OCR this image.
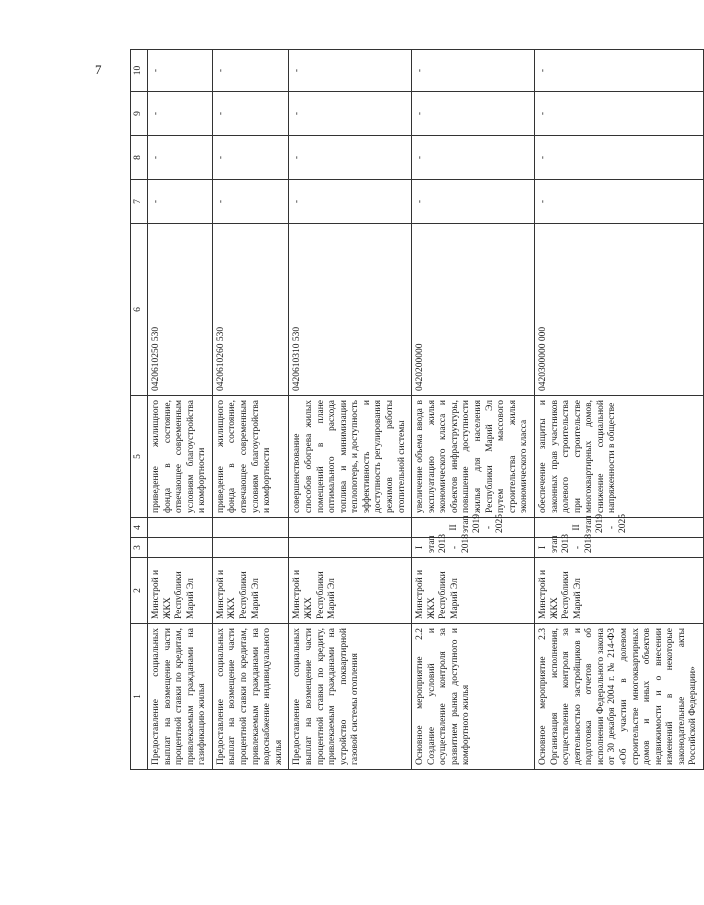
7
1	2	3	4	5	6	7	8	9	10
Предоставление социальных выплат на возмещение части процентной ставки по кредитам, привлекаемым гражданами на газификацию жилья	Минстрой и ЖКХ Республики Марий Эл			приведение жилищного фонда в состояние, отвечающее современным условиям благоустройства и комфортности	0420610250 530	-	-	-	-
Предоставление социальных выплат на возмещение части процентной ставки по кредитам, привлекаемым гражданами на водоснабжение индивидуального жилья	Минстрой и ЖКХ Республики Марий Эл			приведение жилищного фонда в состояние, отвечающее современным условиям благоустройства и комфортности	0420610260 530	-	-	-	-
Предоставление социальных выплат на возмещение части процентной ставки по кредиту, привлекаемым гражданами на устройство поквартирной газовой системы отопления	Минстрой и ЖКХ Республики Марий Эл			совершенствование способов обогрева жилых помещений в плане оптимального расхода топлива и минимизации теплопотерь, и доступность эффективность и доступность регулирования режимов работы отопительной системы	0420610310 530	-	-	-	-
Основное мероприятие 2.2 Создание условий и осуществление контроля за развитием рынка доступного и комфортного жилья	Минстрой и ЖКХ Республики Марий Эл	I этап 2013 - 2018	II этап 2019 - 2025	увеличение объема ввода в эксплуатацию жилья экономического класса и объектов инфраструктуры, повышение доступности жилья для населения Республики Марий Эл путем массового строительства жилья экономического класса	0420200000	-	-	-	-
Основное мероприятие 2.3 Организация исполнения, осуществление контроля за деятельностью застройщиков и подготовка отчетов об исполнении Федерального закона от 30 декабря 2004 г. № 214-ФЗ «Об участии в долевом строительстве многоквартирных домов и иных объектов недвижимости и о внесении изменений в некоторые законодательные акты Российской Федерации»	Минстрой и ЖКХ Республики Марий Эл	I этап 2013 - 2018	II этап 2019 - 2025	обеспечение защиты и законных прав участников долевого строительства при строительстве многоквартирных домов, снижение социальной напряженности в обществе	0420300000 000	-	-	-	-
